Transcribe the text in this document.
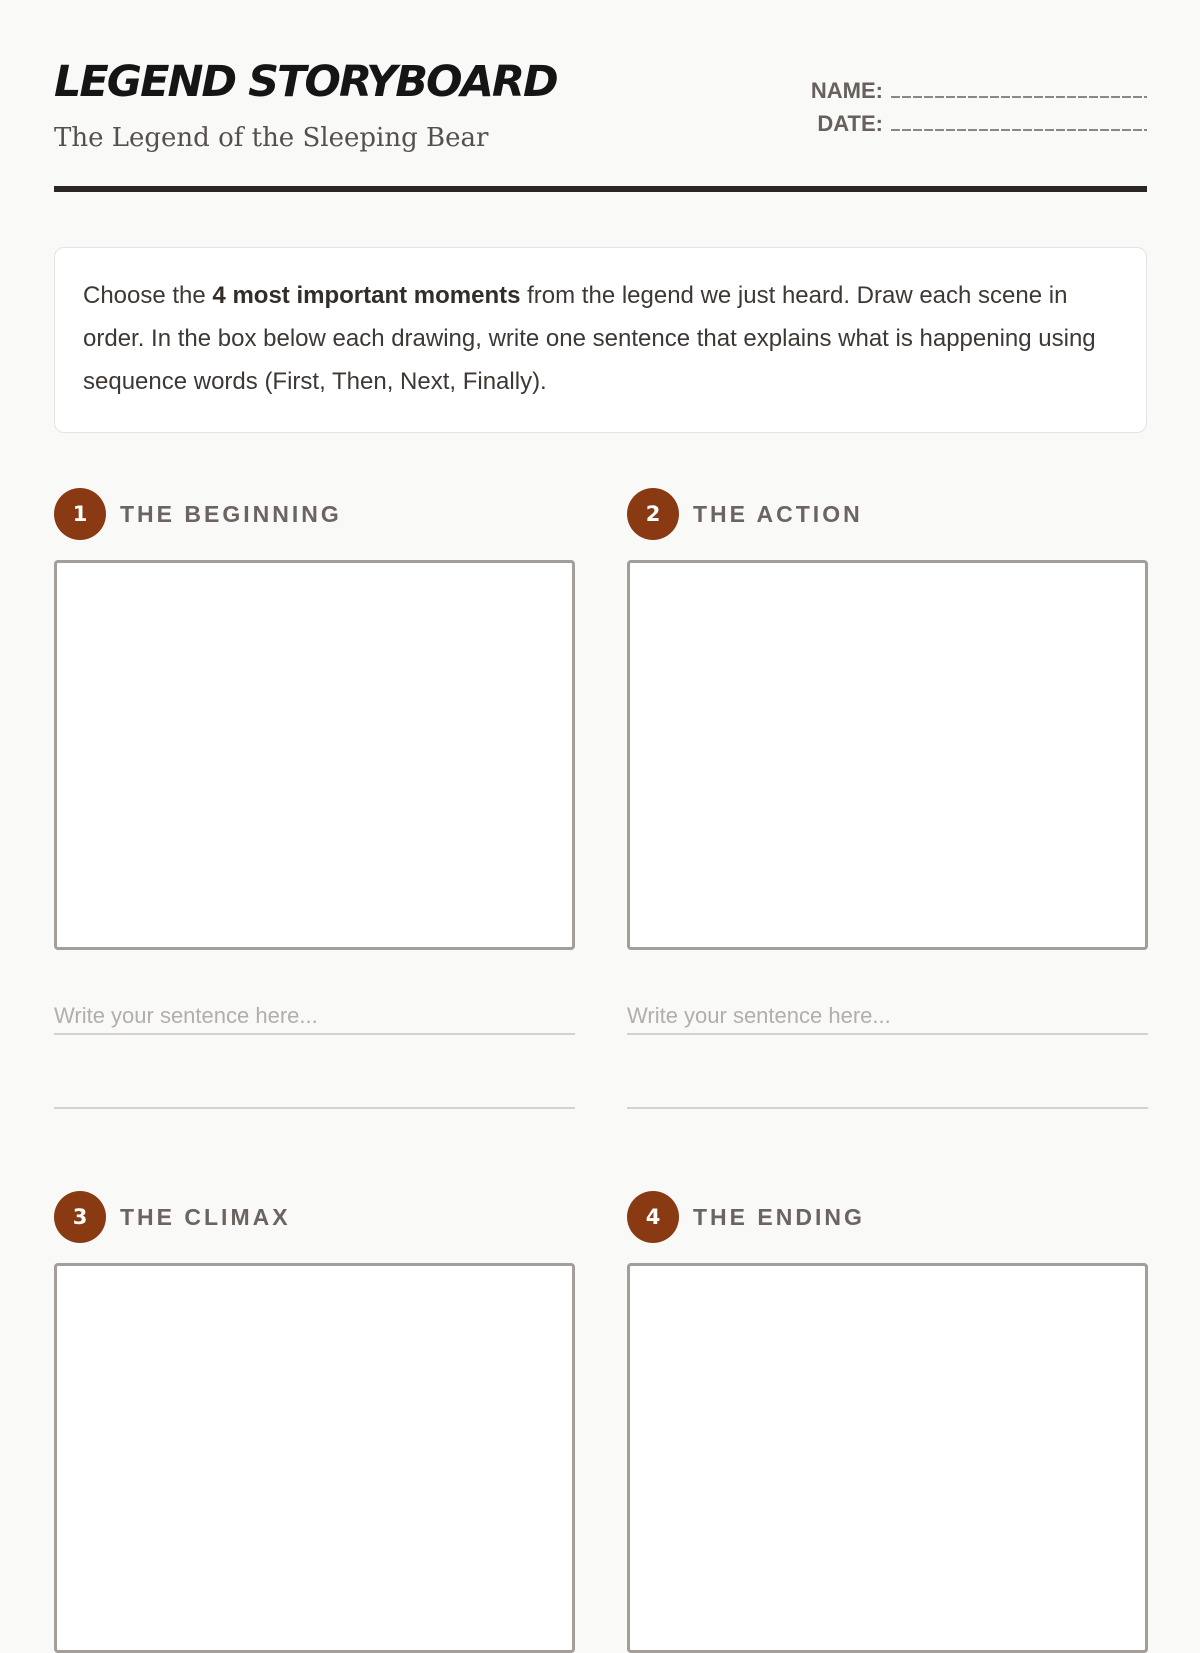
LEGEND STORYBOARD
The Legend of the Sleeping Bear
NAME:
DATE:
Choose the 4 most important moments from the legend we just heard. Draw each scene in order. In the box below each drawing, write one sentence that explains what is happening using sequence words (First, Then, Next, Finally).
1	THE BEGINNING
Write your sentence here...
2	THE ACTION
Write your sentence here...
3	THE CLIMAX	4	THE ENDING
